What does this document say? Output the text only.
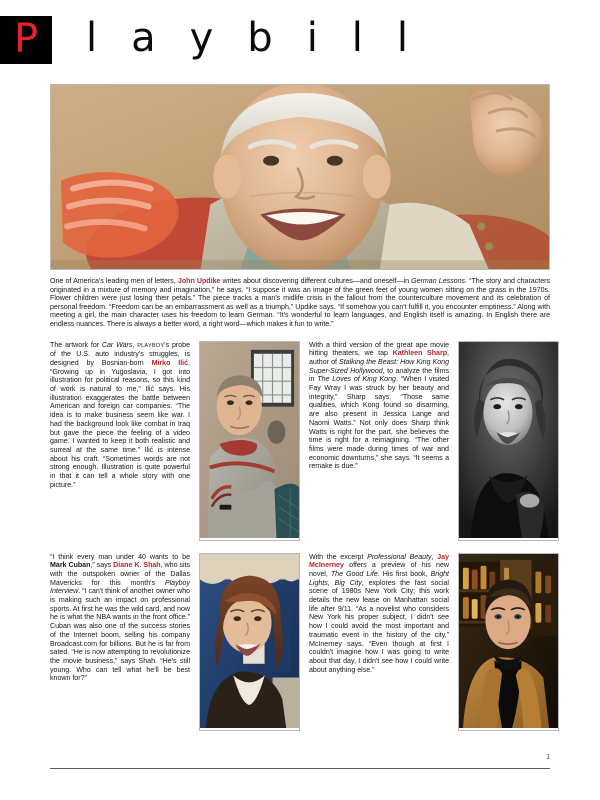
P laybill

One of America's leading men of letters, John Updike writes about discovering different cultures—and oneself—in German Lessons. “The story and characters originated in a mixture of memory and imagination,” he says. “I suppose it was an image of the green feet of young women sitting on the grass in the 1970s. Flower children were just losing their petals.” The piece tracks a man's midlife crisis in the fallout from the counterculture movement and its celebration of personal freedom. “Freedom can be an embarrassment as well as a triumph,” Updike says. “If somehow you can't fulfill it, you encounter emptiness.” Along with meeting a girl, the main character uses his freedom to learn German. “It's wonderful to learn languages, and English itself is amazing. In English there are endless nuances. There is always a better word, a right word—which makes it fun to write.”

The artwork for Car Wars, PLAYBOY's probe of the U.S. auto industry's struggles, is designed by Bosnian-born Mirko Ilić. “Growing up in Yugoslavia, I got into illustration for political reasons, so this kind of work is natural to me,” Ilić says. His illustration exaggerates the battle between American and foreign car companies. “The idea is to make business seem like war. I had the background look like combat in Iraq but gave the piece the feeling of a video game. I wanted to keep it both realistic and surreal at the same time.” Ilić is intense about his craft. “Sometimes words are not strong enough. Illustration is quite powerful in that it can tell a whole story with one picture.”
With a third version of the great ape movie hitting theaters, we tap Kathleen Sharp, author of Stalking the Beast: How King Kong Super-Sized Hollywood, to analyze the films in The Loves of King Kong. “When I visited Fay Wray I was struck by her beauty and integrity,” Sharp says. “Those same qualities, which Kong found so disarming, are also present in Jessica Lange and Naomi Watts.” Not only does Sharp think Watts is right for the part, she believes the time is right for a reimagining. “The other films were made during times of war and economic downturns,” she says. “It seems a remake is due.”
“I think every man under 40 wants to be Mark Cuban,” says Diane K. Shah, who sits with the outspoken owner of the Dallas Mavericks for this month's Playboy Interview. “I can't think of another owner who is making such an impact on professional sports. At first he was the wild card, and now he is what the NBA wants in the front office.” Cuban was also one of the success stories of the Internet boom, selling his company Broadcast.com for billions. But he is far from sated. “He is now attempting to revolutionize the movie business,” says Shah. “He's still young. Who can tell what he'll be best known for?”
With the excerpt Professional Beauty, Jay McInerney offers a preview of his new novel, The Good Life. His first book, Bright Lights, Big City, explores the fast social scene of 1980s New York City; this work details the new lease on Manhattan social life after 9/11. “As a novelist who considers New York his proper subject, I didn't see how I could avoid the most important and traumatic event in the history of the city,” McInerney says. “Even though at first I couldn't imagine how I was going to write about that day, I didn't see how I could write about anything else.”
1
